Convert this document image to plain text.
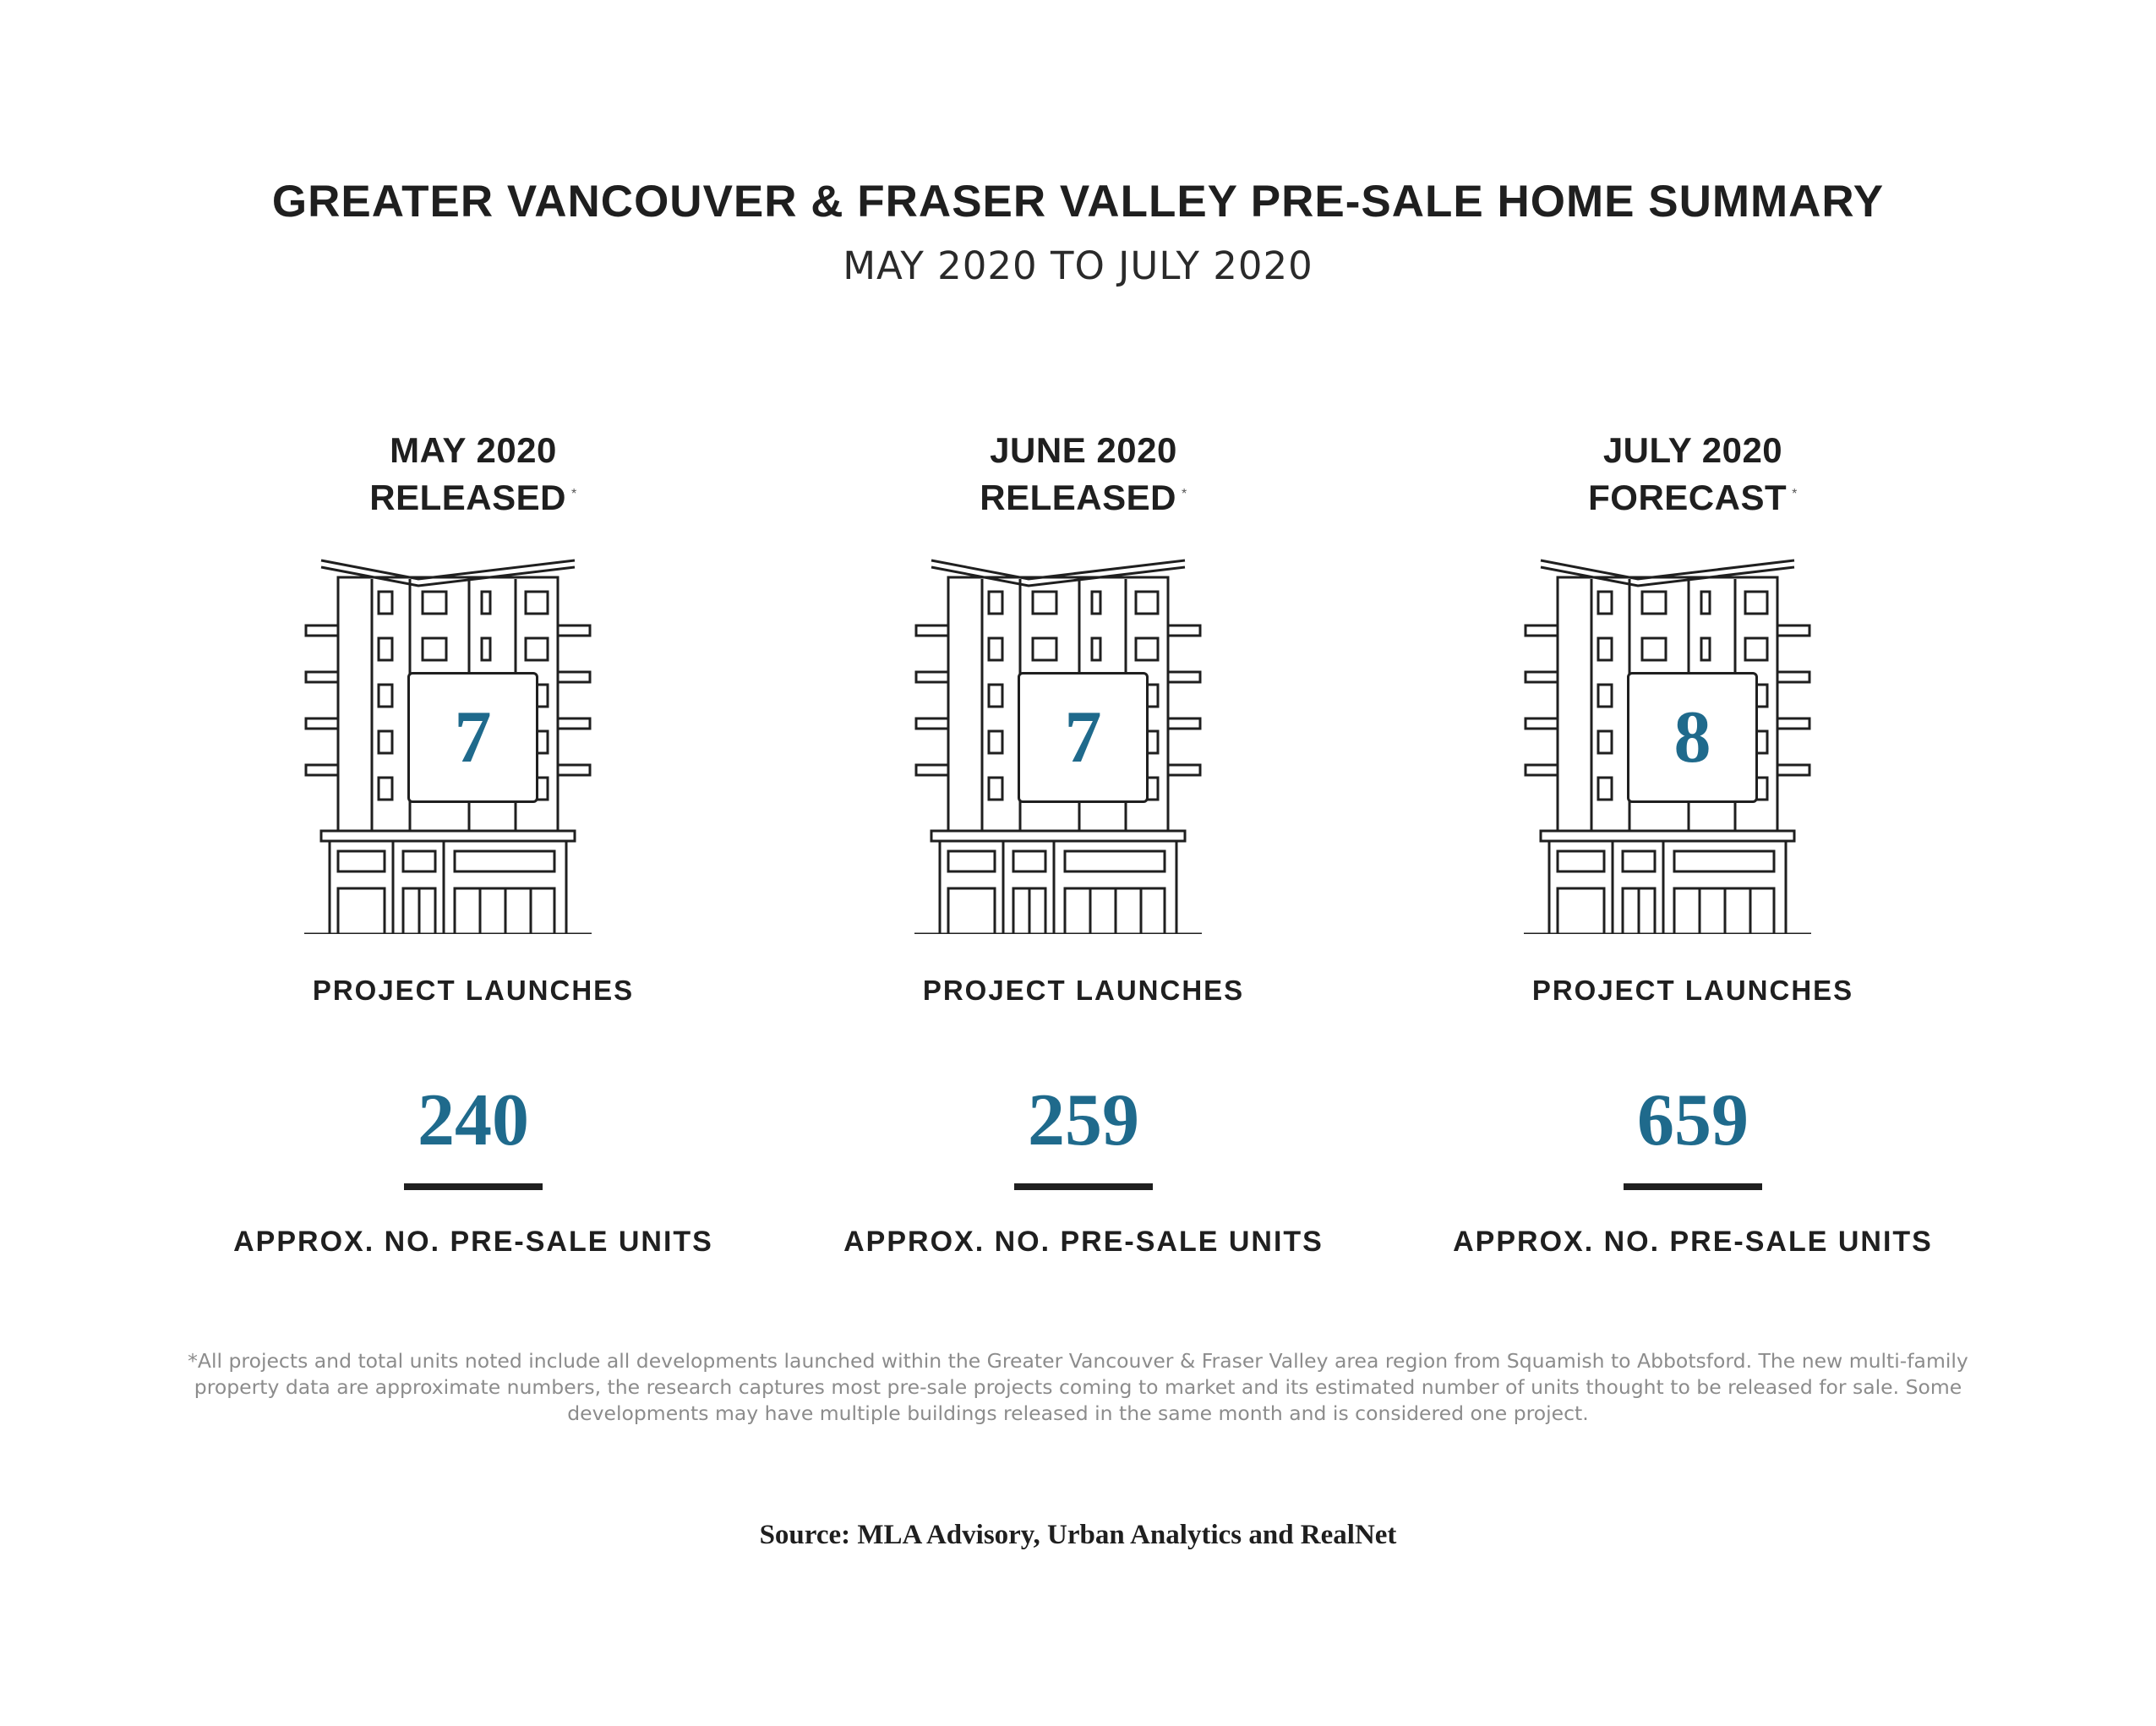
GREATER VANCOUVER & FRASER VALLEY PRE-SALE HOME SUMMARY
MAY 2020 TO JULY 2020
MAY 2020
RELEASED *
7
PROJECT LAUNCHES
240
APPROX. NO. PRE-SALE UNITS
JUNE 2020
RELEASED *
7
PROJECT LAUNCHES
259
APPROX. NO. PRE-SALE UNITS
JULY 2020
FORECAST *
8
PROJECT LAUNCHES
659
APPROX. NO. PRE-SALE UNITS
*All projects and total units noted include all developments launched within the Greater Vancouver & Fraser Valley area region from Squamish to Abbotsford. The new multi-family property data are approximate numbers, the research captures most pre-sale projects coming to market and its estimated number of units thought to be released for sale. Some developments may have multiple buildings released in the same month and is considered one project.
Source: MLA Advisory, Urban Analytics and RealNet
